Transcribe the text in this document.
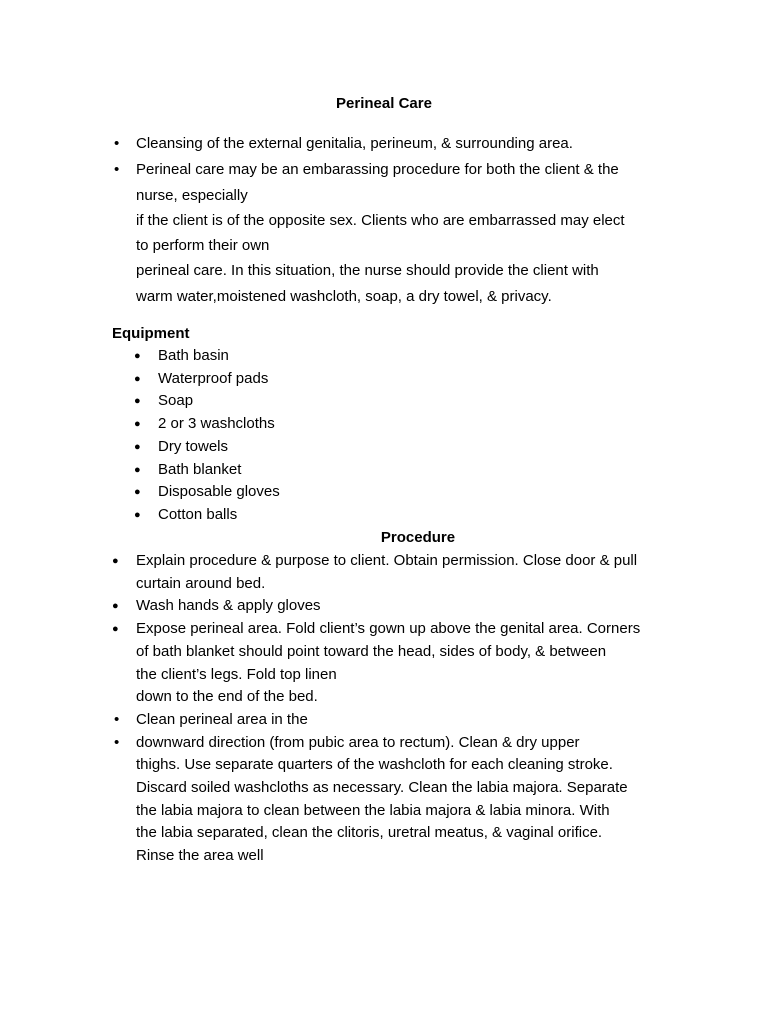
Perineal Care
• Cleansing of the external genitalia, perineum, & surrounding area.
• Perineal care may be an embarassing procedure for both the client & the
nurse, especially
if the client is of the opposite sex. Clients who are embarrassed may elect
to perform their own
perineal care. In this situation, the nurse should provide the client with
warm water,moistened washcloth, soap, a dry towel, & privacy.
Equipment
● Bath basin
● Waterproof pads
● Soap
● 2 or 3 washcloths
● Dry towels
● Bath blanket
● Disposable gloves
● Cotton balls
Procedure
● Explain procedure & purpose to client. Obtain permission. Close door & pull
curtain around bed.
● Wash hands & apply gloves
● Expose perineal area. Fold client’s gown up above the genital area. Corners
of bath blanket should point toward the head, sides of body, & between
the client’s legs. Fold top linen
down to the end of the bed.
• Clean perineal area in the
• downward direction (from pubic area to rectum). Clean & dry upper
thighs. Use separate quarters of the washcloth for each cleaning stroke.
Discard soiled washcloths as necessary. Clean the labia majora. Separate
the labia majora to clean between the labia majora & labia minora. With
the labia separated, clean the clitoris, uretral meatus, & vaginal orifice.
Rinse the area well
